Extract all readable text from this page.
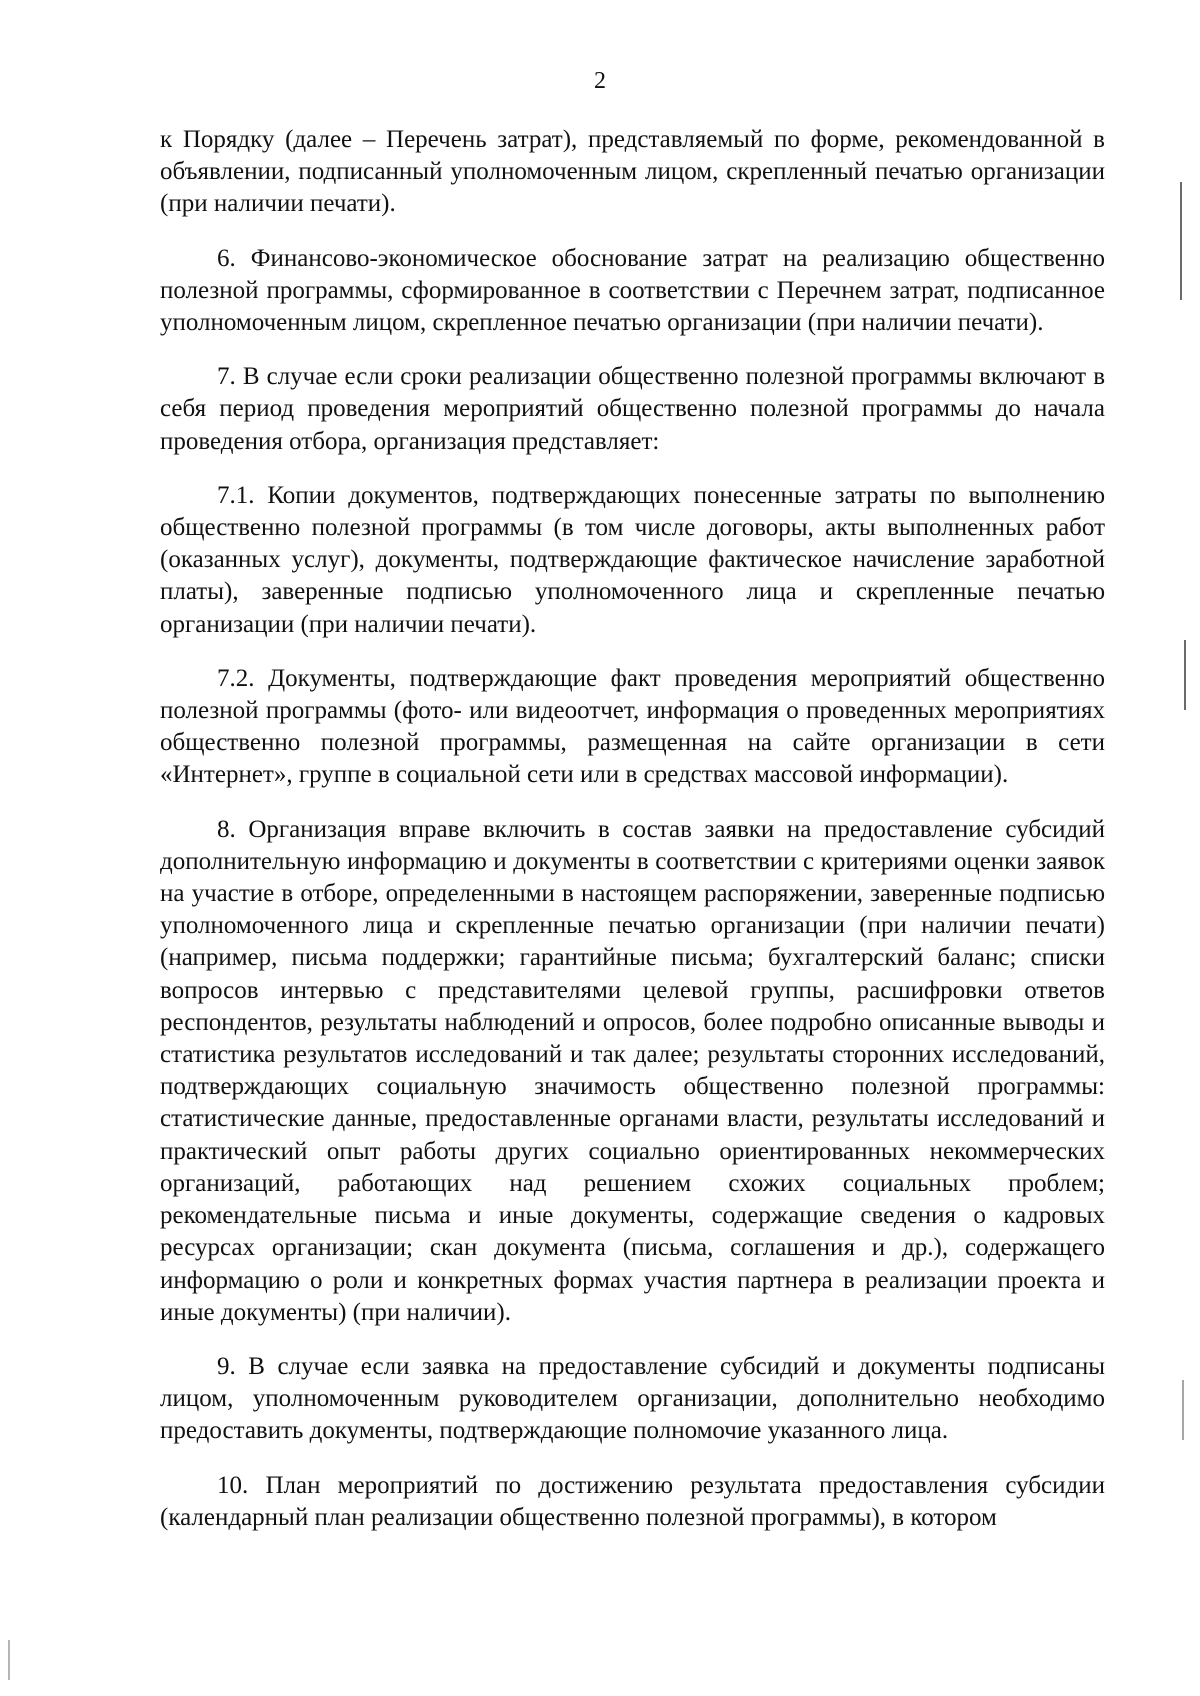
2

к Порядку (далее – Перечень затрат), представляемый по форме, рекомендованной в объявлении, подписанный уполномоченным лицом, скрепленный печатью организации (при наличии печати).

6. Финансово-экономическое обоснование затрат на реализацию общественно полезной программы, сформированное в соответствии с Перечнем затрат, подписанное уполномоченным лицом, скрепленное печатью организации (при наличии печати).

7. В случае если сроки реализации общественно полезной программы включают в себя период проведения мероприятий общественно полезной программы до начала проведения отбора, организация представляет:

7.1. Копии документов, подтверждающих понесенные затраты по выполнению общественно полезной программы (в том числе договоры, акты выполненных работ (оказанных услуг), документы, подтверждающие фактическое начисление заработной платы), заверенные подписью уполномоченного лица и скрепленные печатью организации (при наличии печати).

7.2. Документы, подтверждающие факт проведения мероприятий общественно полезной программы (фото- или видеоотчет, информация о проведенных мероприятиях общественно полезной программы, размещенная на сайте организации в сети «Интернет», группе в социальной сети или в средствах массовой информации).

8. Организация вправе включить в состав заявки на предоставление субсидий дополнительную информацию и документы в соответствии с критериями оценки заявок на участие в отборе, определенными в настоящем распоряжении, заверенные подписью уполномоченного лица и скрепленные печатью организации (при наличии печати) (например, письма поддержки; гарантийные письма; бухгалтерский баланс; списки вопросов интервью с представителями целевой группы, расшифровки ответов респондентов, результаты наблюдений и опросов, более подробно описанные выводы и статистика результатов исследований и так далее; результаты сторонних исследований, подтверждающих социальную значимость общественно полезной программы: статистические данные, предоставленные органами власти, результаты исследований и практический опыт работы других социально ориентированных некоммерческих организаций, работающих над решением схожих социальных проблем; рекомендательные письма и иные документы, содержащие сведения о кадровых ресурсах организации; скан документа (письма, соглашения и др.), содержащего информацию о роли и конкретных формах участия партнера в реализации проекта и иные документы) (при наличии).

9. В случае если заявка на предоставление субсидий и документы подписаны лицом, уполномоченным руководителем организации, дополнительно необходимо предоставить документы, подтверждающие полномочие указанного лица.

10. План мероприятий по достижению результата предоставления субсидии (календарный план реализации общественно полезной программы), в котором
